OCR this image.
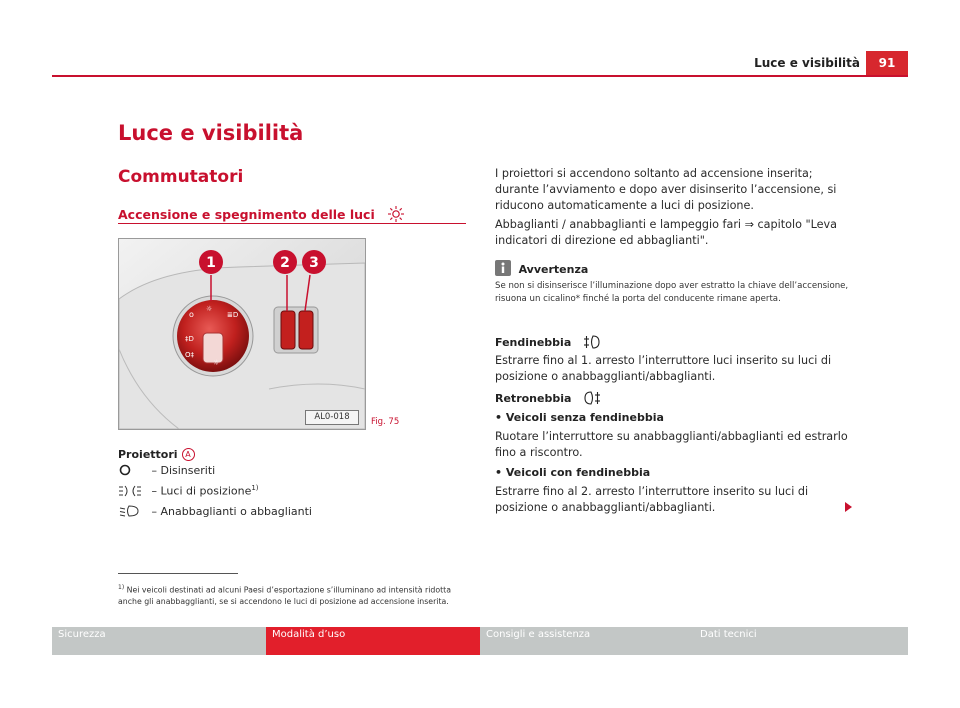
Luce e visibilità	91
Luce e visibilità
Commutatori
Accensione e spegnimento delle luci
o
☼
≣D
‡D
O‡
☼
1	2 3
AL0-018	Fig. 75
Proiettori A
– Disinseriti
– Luci di posizione$^{1)}$
– Anabbaglianti o abbaglianti
I proiettori si accendono soltanto ad accensione inserita; durante l’avviamento e dopo aver disinserito l’accensione, si riducono automaticamente a luci di posizione.
Abbaglianti / anabbaglianti e lampeggio fari ⇒ capitolo "Leva indicatori di direzione ed abbaglianti".
Avvertenza
Se non si disinserisce l’illuminazione dopo aver estratto la chiave dell’accensione, risuona un cicalino* finché la porta del conducente rimane aperta.
Fendinebbia
Estrarre fino al 1. arresto l’interruttore luci inserito su luci di posizione o anabbagglianti/abbaglianti.
Retronebbia
• Veicoli senza fendinebbia
Ruotare l’interruttore su anabbagglianti/abbaglianti ed estrarlo fino a riscontro.
• Veicoli con fendinebbia
Estrarre fino al 2. arresto l’interruttore inserito su luci di posizione o anabbagglianti/abbaglianti.
$^{1)}$ Nei veicoli destinati ad alcuni Paesi d’esportazione s’illuminano ad intensità ridotta anche gli anabbagglianti, se si accendono le luci di posizione ad accensione inserita.
Sicurezza	Modalità d’uso	Consigli e assistenza	Dati tecnici
